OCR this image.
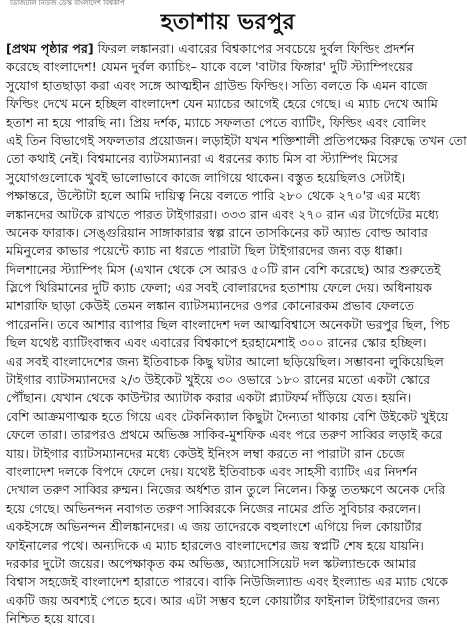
ডিজিটাল নিউজ ডেস্ক বাংলাদেশ বিশ্বকাপ
হতাশায় ভরপুর
[প্রথম পৃষ্ঠার পর] ফিরল লঙ্কানরা। এবারের বিশ্বকাপের সবচেয়ে দুর্বল ফিল্ডিং প্রদর্শন
করেছে বাংলাদেশ! যেমন দুর্বল ক্যাচিং– যাকে বলে 'বাটার ফিঙ্গার' দুটি স্ট্যাম্পিংয়ের
সুযোগ হাতছাড়া করা এবং সঙ্গে আত্মহীন গ্রাউন্ড ফিল্ডিং। সত্যি বলতে কি এমন বাজে
ফিল্ডিং দেখে মনে হচ্ছিল বাংলাদেশ যেন ম্যাচের আগেই হেরে গেছে। এ ম্যাচ দেখে আমি
হতাশ না হয়ে পারছি না। প্রিয় দর্শক, ম্যাচে সফলতা পেতে ব্যাটিং, ফিল্ডিং এবং বোলিং
এই তিন বিভাগেই সফলতার প্রয়োজন। লড়াইটা যখন শক্তিশালী প্রতিপক্ষের বিরুদ্ধে তখন তো
তো কথাই নেই। বিশ্বমানের ব্যাটসম্যানরা এ ধরনের ক্যাচ মিস বা স্ট্যাম্পিং মিসের
সুযোগগুলোকে খুবই ভালোভাবে কাজে লাগিয়ে থাকেন। বস্তুত হয়েছিলও সেটাই।
পক্ষান্তরে, উল্টোটা হলে আমি দায়িত্ব নিয়ে বলতে পারি ২৮০ থেকে ২৭০'র এর মধ্যে
লঙ্কানদের আটকে রাখতে পারত টাইগাররা। ৩৩৩ রান এবং ২৭০ রান এর টার্গেটের মধ্যে
অনেক ফারাক। সেঙ্গুরিয়ান সাঙ্গাকারার স্বল্প রানে তাসকিনের কট অ্যান্ড বোল্ড আবার
মমিনুলের কাভার পয়েন্টে ক্যাচ না ধরতে পারাটা ছিল টাইগারদের জন্য বড় ধাক্কা।
দিলশানের স্ট্যাম্পিং মিস (এখান থেকে সে আরও ৫০টি রান বেশি করেছে) আর শুরুতেই
স্লিপে থিরিমানের দুটি ক্যাচ ফেলা; এর সবই বোলারদের হতাশায় ফেলে দেয়। অধিনায়ক
মাশরাফি ছাড়া কেউই তেমন লঙ্কান ব্যাটসম্যানদের ওপর কোনোরকম প্রভাব ফেলতে
পারেননি। তবে আশার ব্যাপার ছিল বাংলাদেশ দল আত্মবিশ্বাসে অনেকটা ভরপুর ছিল, পিচ
ছিল যথেষ্ট ব্যাটিংবান্ধব এবং এবারের বিশ্বকাপে হরহামেশাই ৩০০ রানের স্কোর হচ্ছিল।
এর সবই বাংলাদেশের জন্য ইতিবাচক কিছু ঘটার আলো ছড়িয়েছিল। সম্ভাবনা লুকিয়েছিল
টাইগার ব্যাটসম্যানদের ২/৩ উইকেট খুইয়ে ৩০ ওভারে ১৮০ রানের মতো একটা স্কোরে
পৌঁছান। যেখান থেকে কাউন্টার অ্যাটাক করার একটা প্ল্যাটফর্ম দাঁড়িয়ে যেত। হয়নি।
বেশি আক্রমণাত্মক হতে গিয়ে এবং টেকনিক্যাল কিছুটা দৈন্যতা থাকায় বেশি উইকেট খুইয়ে
ফেলে তারা। তারপরও প্রথমে অভিজ্ঞ সাকিব-মুশফিক এবং পরে তরুণ সাব্বির লড়াই করে
যায়। টাইগার ব্যাটসম্যানদের মধ্যে কেউই ইনিংস লম্বা করতে না পারাটা রান চেজে
বাংলাদেশ দলকে বিপদে ফেলে দেয়। যথেষ্ট ইতিবাচক এবং সাহসী ব্যাটিং এর নিদর্শন
দেখাল তরুণ সাব্বির রুম্মন। নিজের অর্ধশত রান তুলে নিলেন। কিন্তু ততক্ষণে অনেক দেরি
হয়ে গেছে। অভিনন্দন নবাগত তরুণ সাব্বিরকে নিজের নামের প্রতি সুবিচার করলেন।
একইসঙ্গে অভিনন্দন শ্রীলঙ্কানদের। এ জয় তাদেরকে বহুলাংশে এগিয়ে দিল কোয়ার্টার
ফাইনালের পথে। অন্যদিকে এ ম্যাচ হারলেও বাংলাদেশের জয় স্বপ্নটি শেষ হয়ে যায়নি।
দরকার দুটো জয়ের। অপেক্ষাকৃত কম অভিজ্ঞ, অ্যাসোসিয়েট দল স্কটল্যান্ডকে আমার
বিশ্বাস সহজেই বাংলাদেশ হারাতে পারবে। বাকি নিউজিল্যান্ড এবং ইংল্যান্ড এর ম্যাচ থেকে
একটি জয় অবশ্যই পেতে হবে। আর এটা সম্ভব হলে কোয়ার্টার ফাইনাল টাইগারদের জন্য
নিশ্চিত হয়ে যাবে।
